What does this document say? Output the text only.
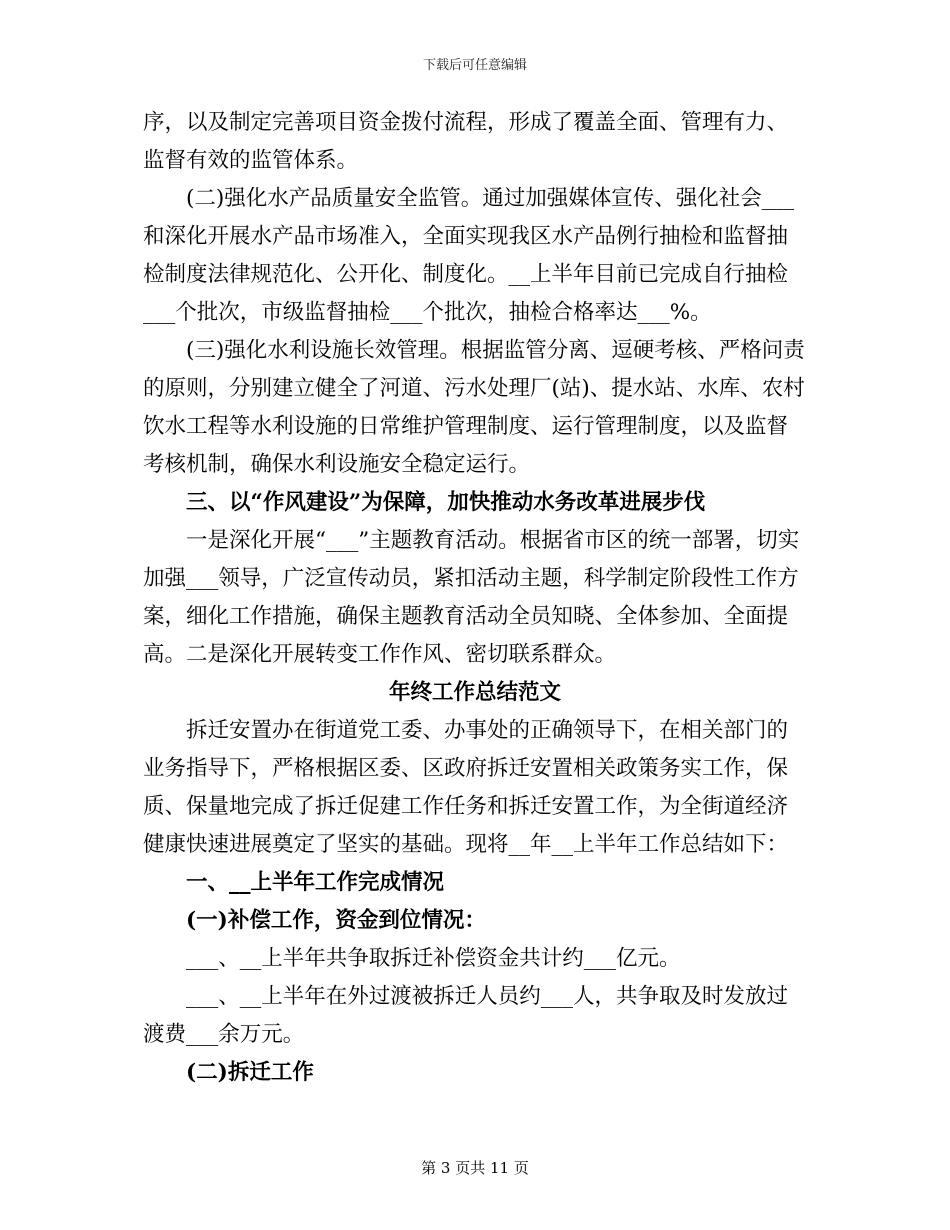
下载后可任意编辑

序，以及制定完善项目资金拨付流程，形成了覆盖全面、管理有力、监督有效的监管体系。

(二)强化水产品质量安全监管。通过加强媒体宣传、强化社会___和深化开展水产品市场准入，全面实现我区水产品例行抽检和监督抽检制度法律规范化、公开化、制度化。__上半年目前已完成自行抽检___个批次，市级监督抽检___个批次，抽检合格率达___%。

(三)强化水利设施长效管理。根据监管分离、逗硬考核、严格问责的原则，分别建立健全了河道、污水处理厂(站)、提水站、水库、农村饮水工程等水利设施的日常维护管理制度、运行管理制度，以及监督考核机制，确保水利设施安全稳定运行。

三、以“作风建设”为保障，加快推动水务改革进展步伐

一是深化开展“___”主题教育活动。根据省市区的统一部署，切实加强___领导，广泛宣传动员，紧扣活动主题，科学制定阶段性工作方案，细化工作措施，确保主题教育活动全员知晓、全体参加、全面提高。二是深化开展转变工作作风、密切联系群众。

年终工作总结范文

拆迁安置办在街道党工委、办事处的正确领导下，在相关部门的业务指导下，严格根据区委、区政府拆迁安置相关政策务实工作，保质、保量地完成了拆迁促建工作任务和拆迁安置工作，为全街道经济健康快速进展奠定了坚实的基础。现将__年__上半年工作总结如下：

一、__上半年工作完成情况

(一)补偿工作，资金到位情况：

___、__上半年共争取拆迁补偿资金共计约___亿元。

___、__上半年在外过渡被拆迁人员约___人，共争取及时发放过渡费___余万元。

(二)拆迁工作

第 3 页共 11 页
